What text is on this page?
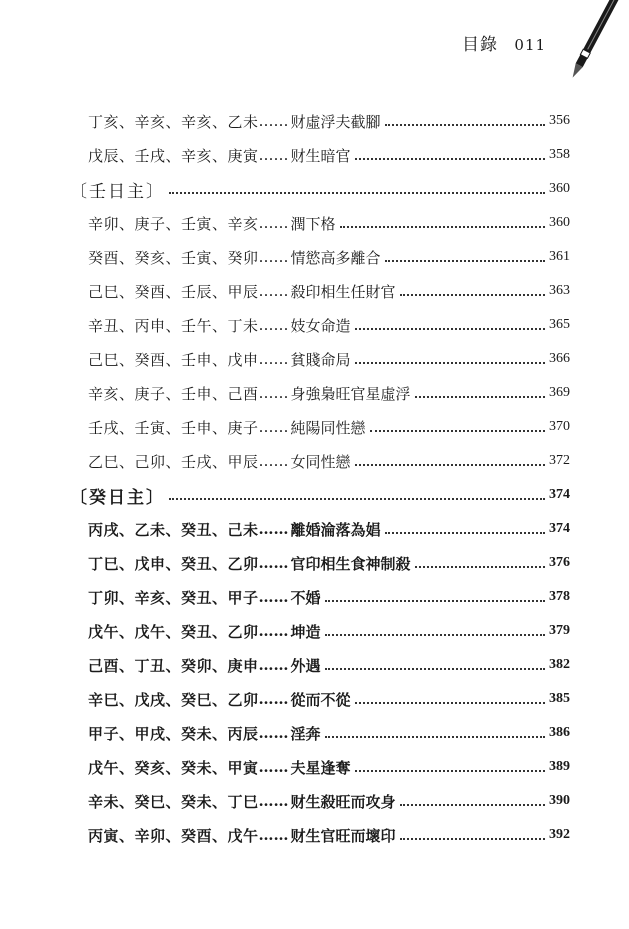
目錄 011
丁亥、辛亥、辛亥、乙未 …… 财虛浮夫截腳	356
戊辰、壬戌、辛亥、庚寅 …… 财生暗官	358
〔壬日主〕	360
辛卯、庚子、壬寅、辛亥 …… 潤下格	360
癸酉、癸亥、壬寅、癸卯 …… 情慾高多離合	361
己巳、癸酉、壬辰、甲辰 …… 殺印相生任財官	363
辛丑、丙申、壬午、丁未 …… 妓女命造	365
己巳、癸酉、壬申、戊申 …… 貧賤命局	366
辛亥、庚子、壬申、己酉 …… 身強梟旺官星虛浮	369
壬戌、壬寅、壬申、庚子 …… 純陽同性戀	370
乙巳、己卯、壬戌、甲辰 …… 女同性戀	372
〔癸日主〕	374
丙戌、乙未、癸丑、己未 …… 離婚淪落為娼	374
丁巳、戊申、癸丑、乙卯 …… 官印相生食神制殺	376
丁卯、辛亥、癸丑、甲子 …… 不婚	378
戊午、戊午、癸丑、乙卯 …… 坤造	379
己酉、丁丑、癸卯、庚申 …… 外遇	382
辛巳、戊戌、癸巳、乙卯 …… 從而不從	385
甲子、甲戌、癸未、丙辰 …… 淫奔	386
戊午、癸亥、癸未、甲寅 …… 夫星逢奪	389
辛未、癸巳、癸未、丁巳 …… 财生殺旺而攻身	390
丙寅、辛卯、癸酉、戊午 …… 财生官旺而壞印	392
